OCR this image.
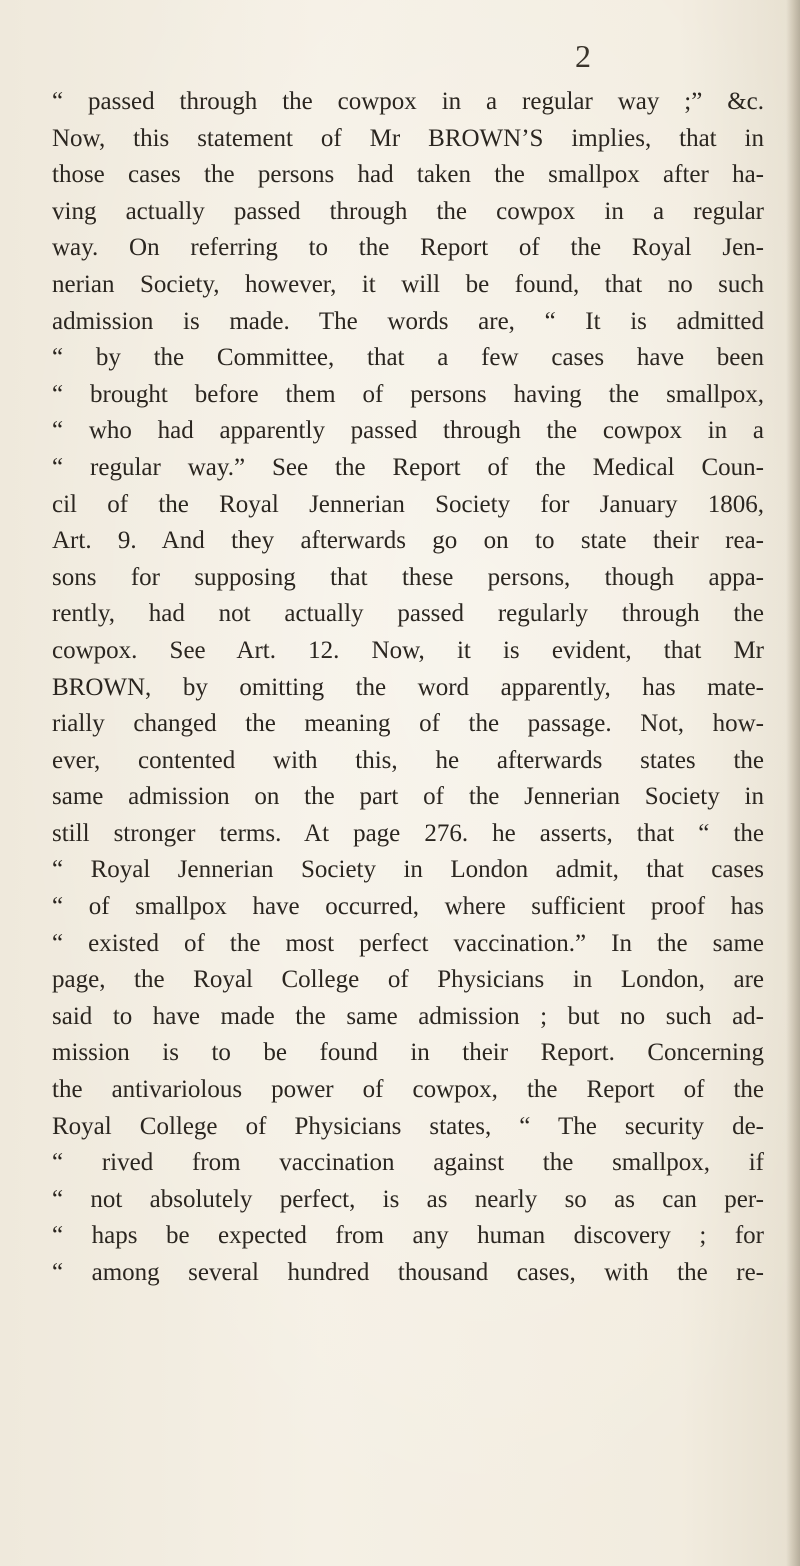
2
“ passed through the cowpox in a regular way ;” &c.
Now, this statement of Mr BROWN’S implies, that in
those cases the persons had taken the smallpox after ha-
ving actually passed through the cowpox in a regular
way. On referring to the Report of the Royal Jen-
nerian Society, however, it will be found, that no such
admission is made. The words are, “ It is admitted
“ by the Committee, that a few cases have been
“ brought before them of persons having the smallpox,
“ who had apparently passed through the cowpox in a
“ regular way.” See the Report of the Medical Coun-
cil of the Royal Jennerian Society for January 1806,
Art. 9. And they afterwards go on to state their rea-
sons for supposing that these persons, though appa-
rently, had not actually passed regularly through the
cowpox. See Art. 12. Now, it is evident, that Mr
BROWN, by omitting the word apparently, has mate-
rially changed the meaning of the passage. Not, how-
ever, contented with this, he afterwards states the
same admission on the part of the Jennerian Society in
still stronger terms. At page 276. he asserts, that “ the
“ Royal Jennerian Society in London admit, that cases
“ of smallpox have occurred, where sufficient proof has
“ existed of the most perfect vaccination.” In the same
page, the Royal College of Physicians in London, are
said to have made the same admission ; but no such ad-
mission is to be found in their Report. Concerning
the antivariolous power of cowpox, the Report of the
Royal College of Physicians states, “ The security de-
“ rived from vaccination against the smallpox, if
“ not absolutely perfect, is as nearly so as can per-
“ haps be expected from any human discovery ; for
“ among several hundred thousand cases, with the re-
